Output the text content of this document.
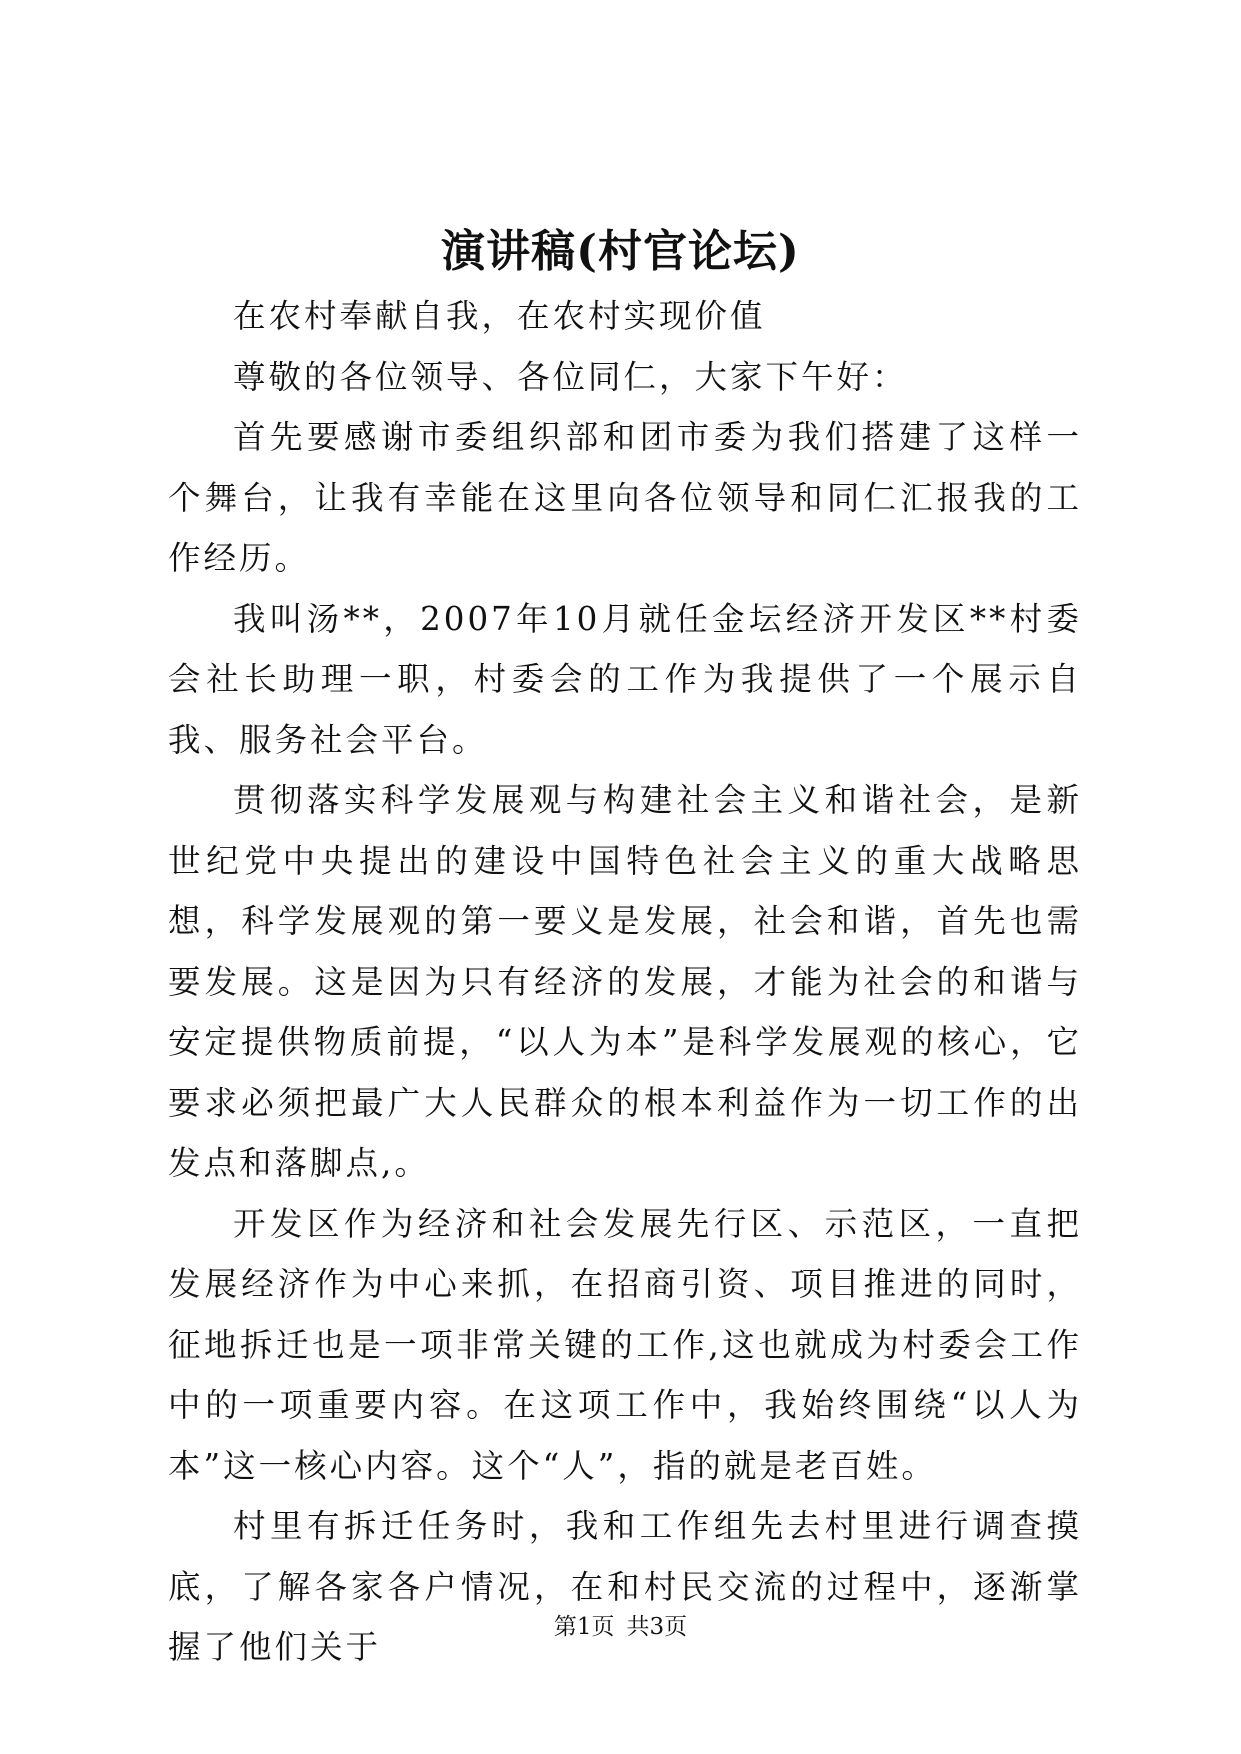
演讲稿(村官论坛)

在农村奉献自我，在农村实现价值

尊敬的各位领导、各位同仁，大家下午好：

首先要感谢市委组织部和团市委为我们搭建了这样一个舞台，让我有幸能在这里向各位领导和同仁汇报我的工作经历。

我叫汤**，2007年10月就任金坛经济开发区**村委会社长助理一职，村委会的工作为我提供了一个展示自我、服务社会平台。

贯彻落实科学发展观与构建社会主义和谐社会，是新世纪党中央提出的建设中国特色社会主义的重大战略思想，科学发展观的第一要义是发展，社会和谐，首先也需要发展。这是因为只有经济的发展，才能为社会的和谐与安定提供物质前提，“以人为本”是科学发展观的核心，它要求必须把最广大人民群众的根本利益作为一切工作的出发点和落脚点,。

开发区作为经济和社会发展先行区、示范区，一直把发展经济作为中心来抓，在招商引资、项目推进的同时，征地拆迁也是一项非常关键的工作,这也就成为村委会工作中的一项重要内容。在这项工作中，我始终围绕“以人为本”这一核心内容。这个“人”，指的就是老百姓。

村里有拆迁任务时，我和工作组先去村里进行调查摸底，了解各家各户情况，在和村民交流的过程中，逐渐掌握了他们关于

第1页 共3页
